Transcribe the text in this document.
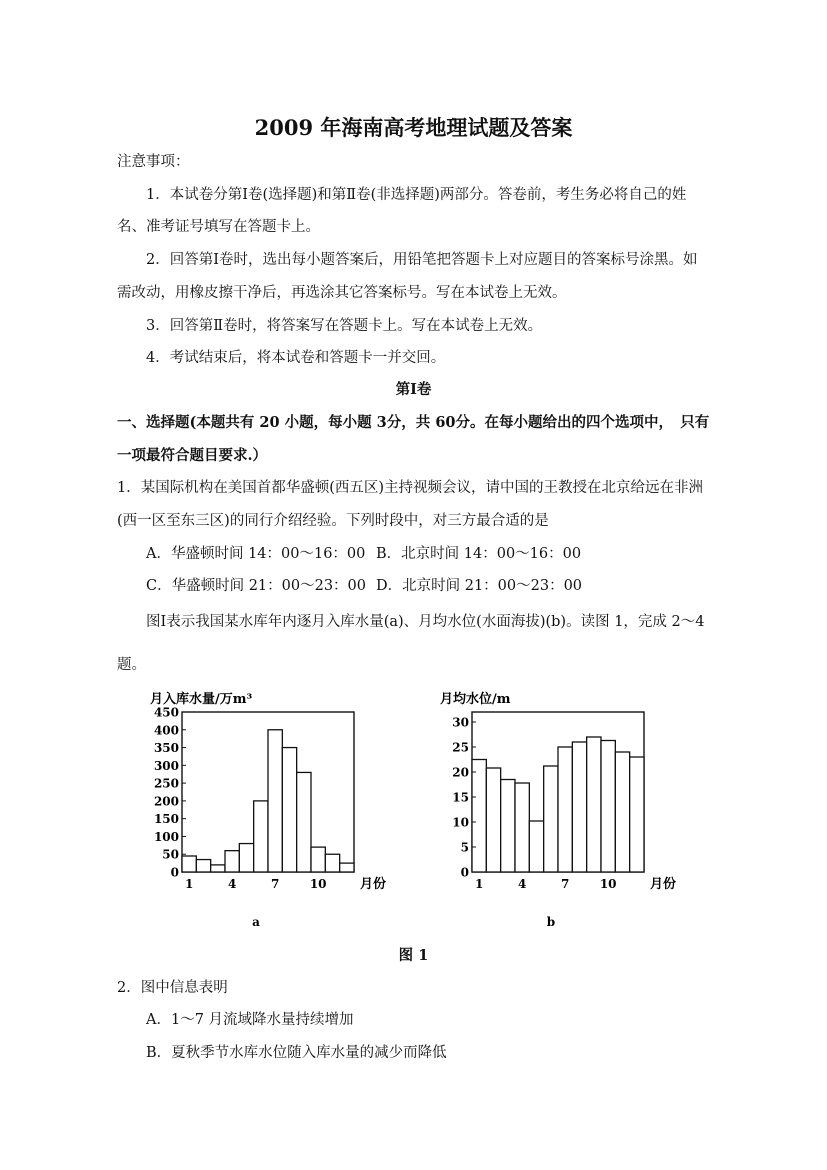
2009 年海南高考地理试题及答案
注意事项：
1．本试卷分第Ⅰ卷(选择题)和第Ⅱ卷(非选择题)两部分。答卷前，考生务必将自己的姓
名、准考证号填写在答题卡上。
2．回答第Ⅰ卷时，选出每小题答案后，用铅笔把答题卡上对应题目的答案标号涂黑。如
需改动，用橡皮擦干净后，再选涂其它答案标号。写在本试卷上无效。
3．回答第Ⅱ卷时，将答案写在答题卡上。写在本试卷上无效。
4．考试结束后，将本试卷和答题卡一并交回。
第Ⅰ卷
一、选择题(本题共有 20 小题，每小题 3分，共 60分。在每小题给出的四个选项中，　只有
一项最符合题目要求.）
1．某国际机构在美国首都华盛顿(西五区)主持视频会议，请中国的王教授在北京给远在非洲
(西一区至东三区)的同行介绍经验。下列时段中，对三方最合适的是
A．华盛顿时间 14：00～16：00 B．北京时间 14：00～16：00
C．华盛顿时间 21：00～23：00 D．北京时间 21：00～23：00
图Ⅰ表示我国某水库年内逐月入库水量(a)、月均水位(水面海拔)(b)。读图 1，完成 2～4
题。
月入库水量/万m³
0
50
100
150
200
250
300
350
400
450
1	4	7	10	月份
a
月均水位/m
0
5
10
15
20
25
30
1	4	7	10	月份
b
图 1
2．图中信息表明
A．1～7 月流域降水量持续增加
B．夏秋季节水库水位随入库水量的减少而降低
